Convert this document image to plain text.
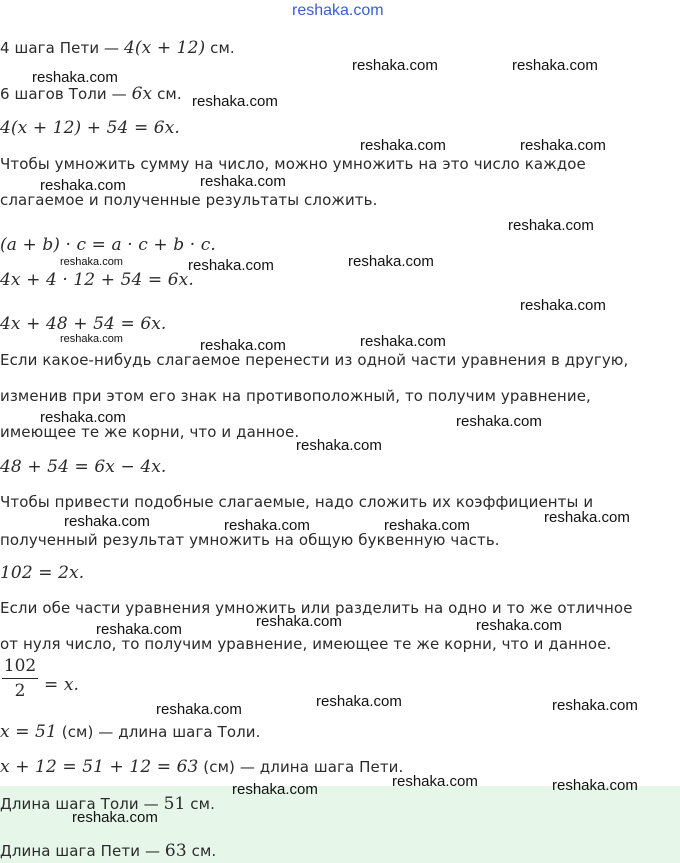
reshaka.com
4 шага Пети — 4(x + 12) см.
6 шагов Толи — 6x см.
4(x + 12) + 54 = 6x.
Чтобы умножить сумму на число, можно умножить на это число каждое
слагаемое и полученные результаты сложить.
(a + b) · c = a · c + b · c.
4x + 4 · 12 + 54 = 6x.
4x + 48 + 54 = 6x.
Если какое-нибудь слагаемое перенести из одной части уравнения в другую,
изменив при этом его знак на противоположный, то получим уравнение,
имеющее те же корни, что и данное.
48 + 54 = 6x − 4x.
Чтобы привести подобные слагаемые, надо сложить их коэффициенты и
полученный результат умножить на общую буквенную часть.
102 = 2x.
Если обе части уравнения умножить или разделить на одно и то же отличное
от нуля число, то получим уравнение, имеющее те же корни, что и данное.
102
2	= x.
x = 51 (см) — длина шага Толи.
x + 12 = 51 + 12 = 63 (см) — длина шага Пети.
Длина шага Толи — 51 см.
Длина шага Пети — 63 см.
reshaka.com
reshaka.com	reshaka.com
reshaka.com
reshaka.com	reshaka.com
reshaka.com
reshaka.com
reshaka.com
reshaka.com	reshaka.com	reshaka.com
reshaka.com
reshaka.com	reshaka.com	reshaka.com
reshaka.com	reshaka.com
reshaka.com
reshaka.com	reshaka.com	reshaka.com	reshaka.com
reshaka.com	reshaka.com	reshaka.com
reshaka.com	reshaka.com	reshaka.com
reshaka.com
reshaka.com	reshaka.com
reshaka.com
